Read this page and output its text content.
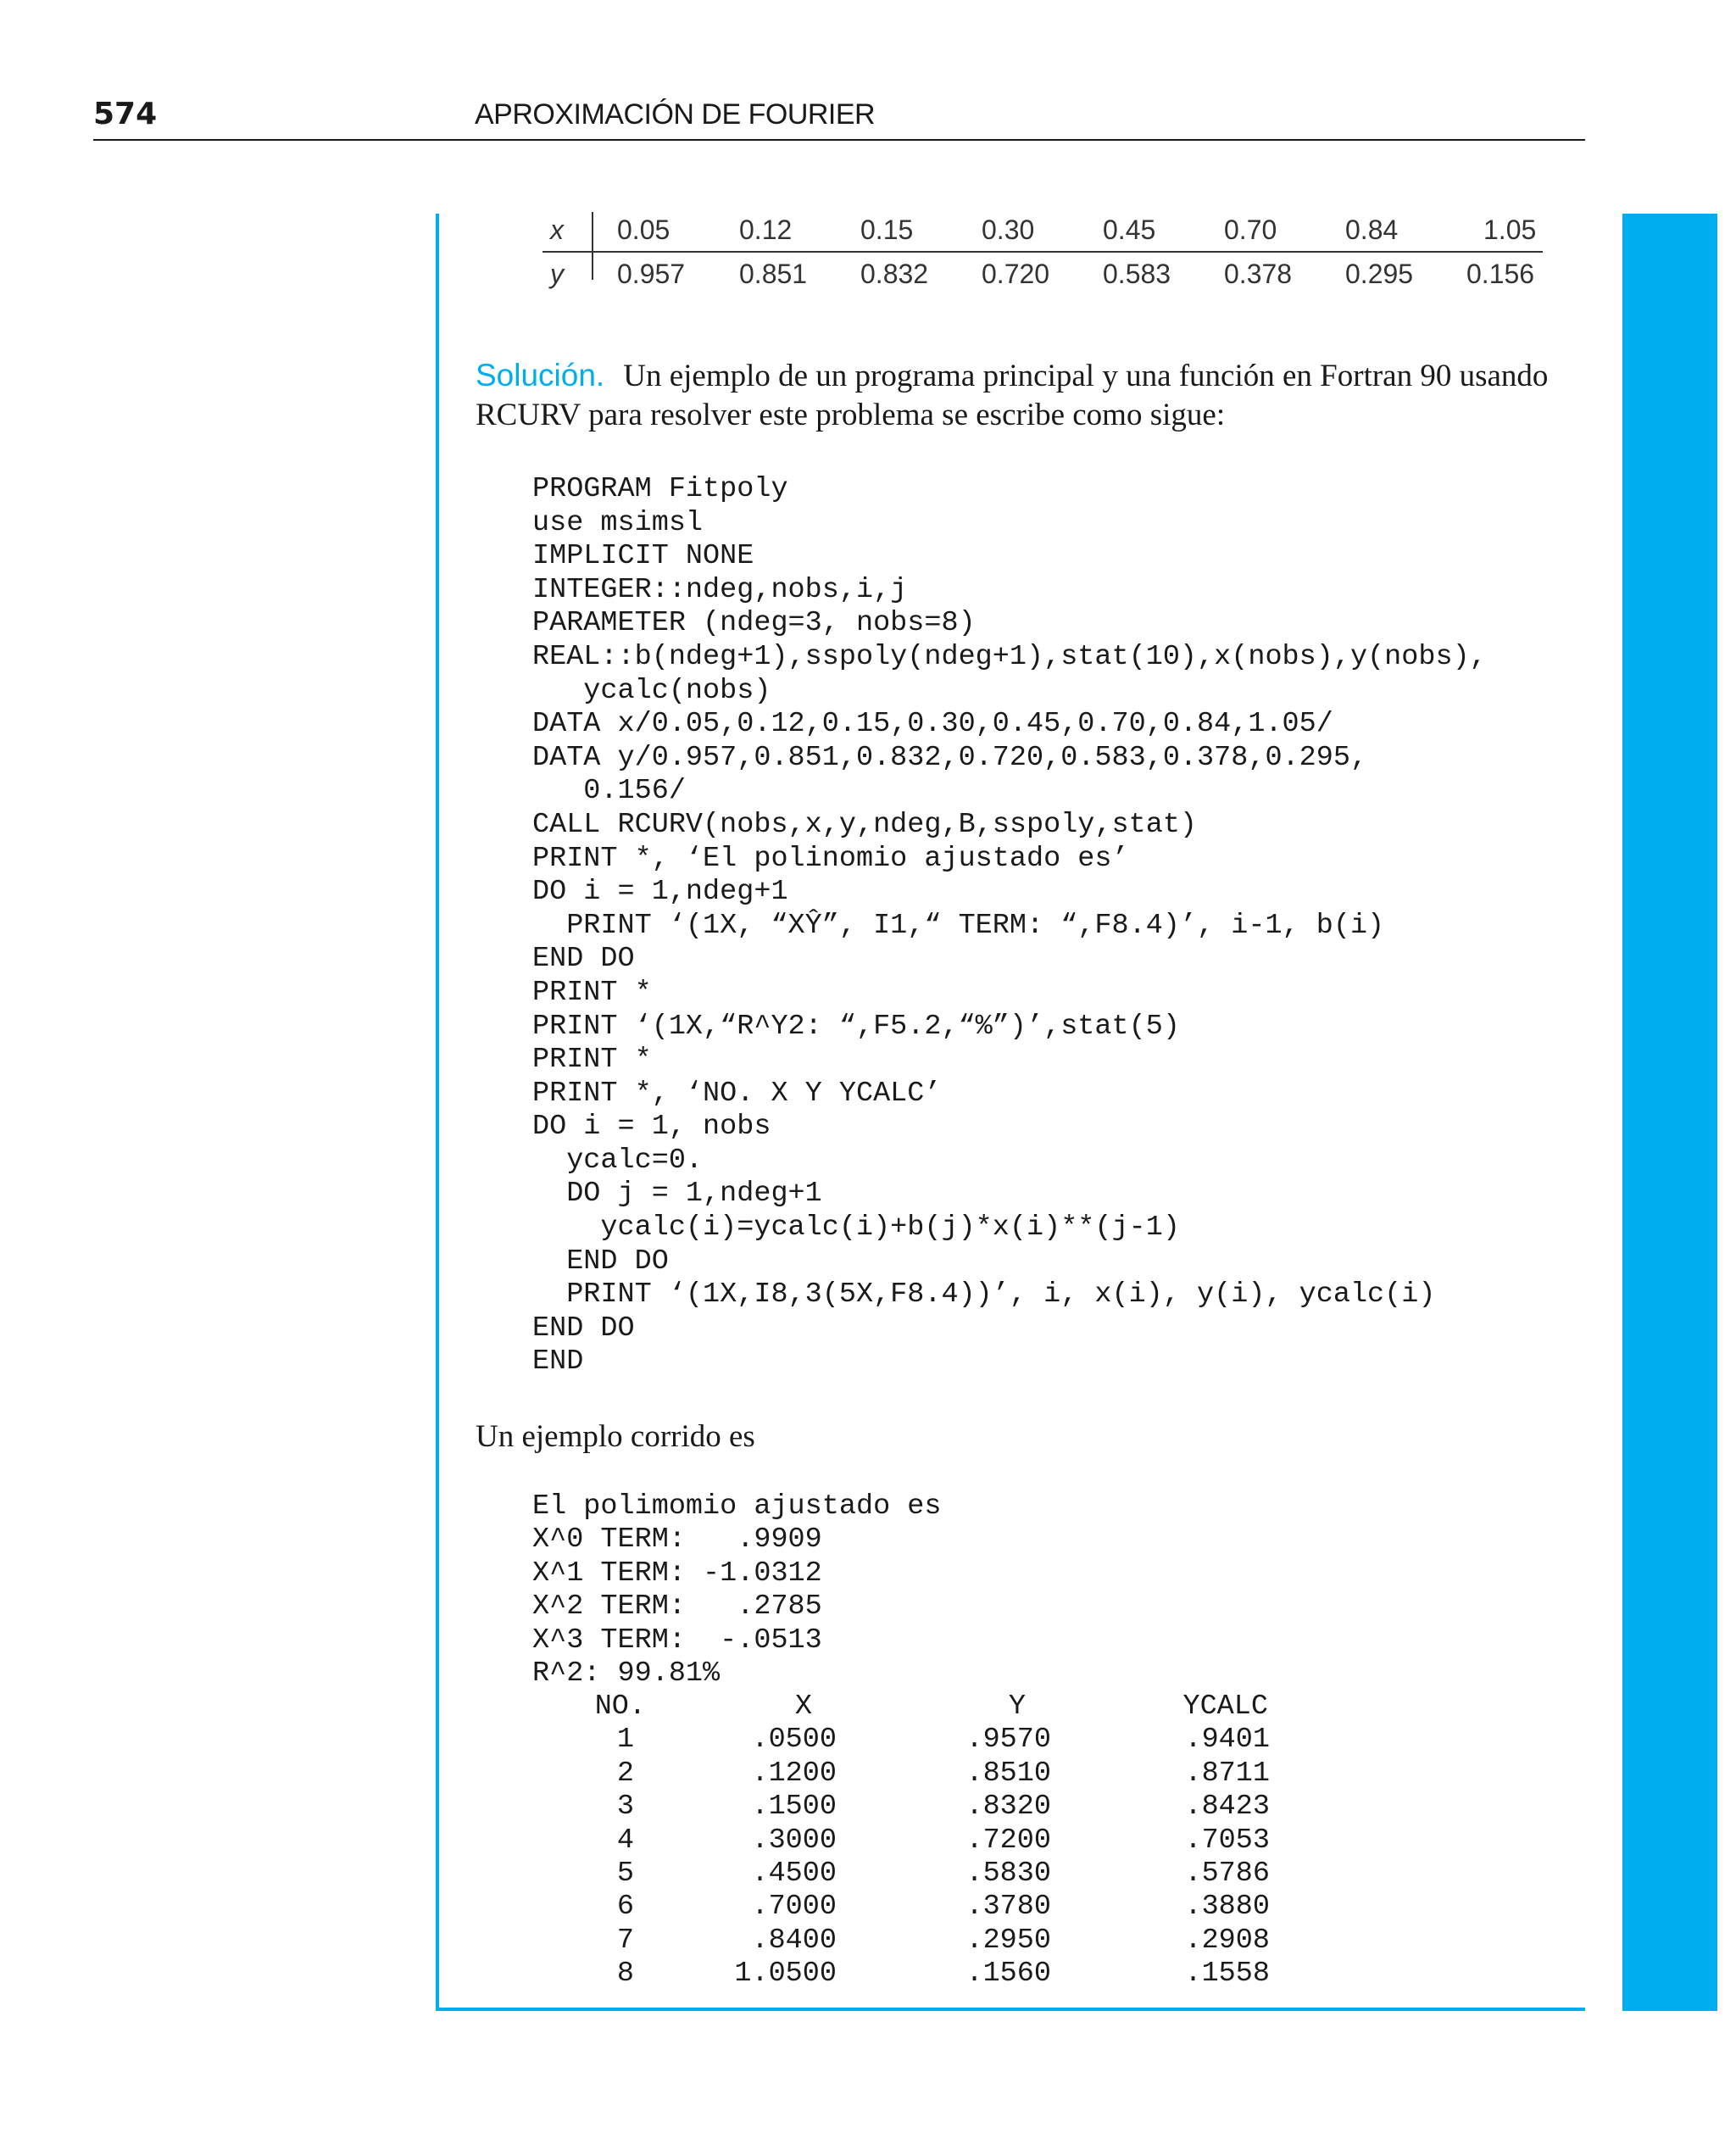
574	APROXIMACIÓN DE FOURIER
x 0.05	0.12	0.15	0.30	0.45	0.70	0.84	1.05
y 0.957 0.851 0.832 0.720 0.583 0.378 0.295 0.156
Solución. Un ejemplo de un programa principal y una función en Fortran 90 usando RCURV para resolver este problema se escribe como sigue:
PROGRAM Fitpoly
use msimsl
IMPLICIT NONE
INTEGER::ndeg,nobs,i,j
PARAMETER (ndeg=3, nobs=8)
REAL::b(ndeg+1),sspoly(ndeg+1),stat(10),x(nobs),y(nobs),
ycalc(nobs)
DATA x/0.05,0.12,0.15,0.30,0.45,0.70,0.84,1.05/
DATA y/0.957,0.851,0.832,0.720,0.583,0.378,0.295,
0.156/
CALL RCURV(nobs,x,y,ndeg,B,sspoly,stat)
PRINT *, ‘El polinomio ajustado es’
DO i = 1,ndeg+1
PRINT ‘(1X, “XŶ”, I1,“ TERM: “,F8.4)’, i-1, b(i)
END DO
PRINT *
PRINT ‘(1X,“R^Y2: “,F5.2,“%”)’,stat(5)
PRINT *
PRINT *, ‘NO. X Y YCALC’
DO i = 1, nobs
ycalc=0.
DO j = 1,ndeg+1
ycalc(i)=ycalc(i)+b(j)*x(i)**(j-1)
END DO
PRINT ‘(1X,I8,3(5X,F8.4))’, i, x(i), y(i), ycalc(i)
END DO
END
Un ejemplo corrido es
El polimomio ajustado es
X^0 TERM:   .9909
X^1 TERM: -1.0312
X^2 TERM:   .2785
X^3 TERM:  -.0513
R^2: 99.81%
NO.	X	Y	YCALC
1	.0500	.9570	.9401
2	.1200	.8510	.8711
3	.1500	.8320	.8423
4	.3000	.7200	.7053
5	.4500	.5830	.5786
6	.7000	.3780	.3880
7	.8400	.2950	.2908
8	1.0500	.1560	.1558
